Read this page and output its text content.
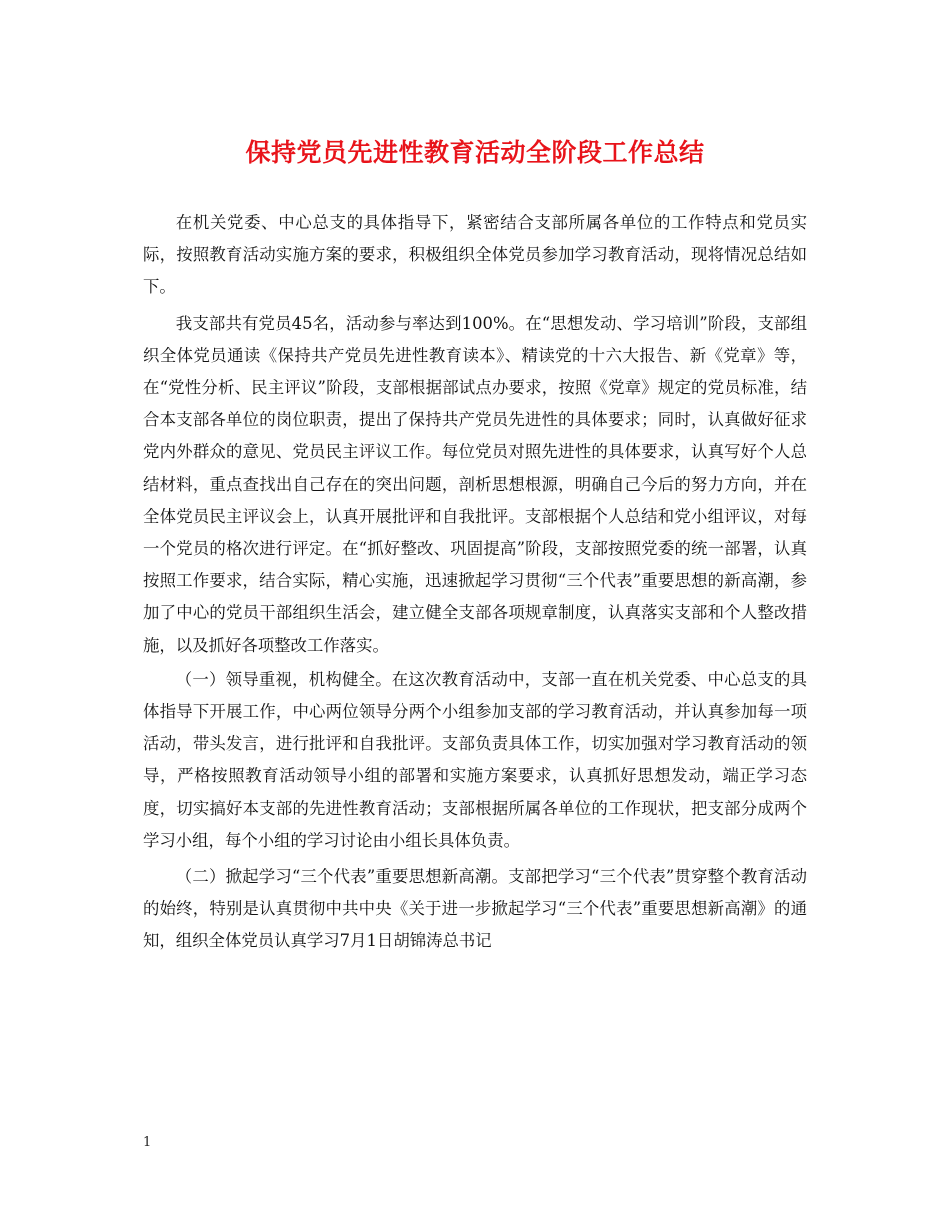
保持党员先进性教育活动全阶段工作总结

在机关党委、中心总支的具体指导下，紧密结合支部所属各单位的工作特点和党员实际，按照教育活动实施方案的要求，积极组织全体党员参加学习教育活动，现将情况总结如下。

我支部共有党员45名，活动参与率达到100%。在“思想发动、学习培训”阶段，支部组织全体党员通读《保持共产党员先进性教育读本》、精读党的十六大报告、新《党章》等，在“党性分析、民主评议”阶段，支部根据部试点办要求，按照《党章》规定的党员标准，结合本支部各单位的岗位职责，提出了保持共产党员先进性的具体要求；同时，认真做好征求党内外群众的意见、党员民主评议工作。每位党员对照先进性的具体要求，认真写好个人总结材料，重点查找出自己存在的突出问题，剖析思想根源，明确自己今后的努力方向，并在全体党员民主评议会上，认真开展批评和自我批评。支部根据个人总结和党小组评议，对每一个党员的格次进行评定。在“抓好整改、巩固提高”阶段，支部按照党委的统一部署，认真按照工作要求，结合实际，精心实施，迅速掀起学习贯彻“三个代表”重要思想的新高潮，参加了中心的党员干部组织生活会，建立健全支部各项规章制度，认真落实支部和个人整改措施，以及抓好各项整改工作落实。

（一）领导重视，机构健全。在这次教育活动中，支部一直在机关党委、中心总支的具体指导下开展工作，中心两位领导分两个小组参加支部的学习教育活动，并认真参加每一项活动，带头发言，进行批评和自我批评。支部负责具体工作，切实加强对学习教育活动的领导，严格按照教育活动领导小组的部署和实施方案要求，认真抓好思想发动，端正学习态度，切实搞好本支部的先进性教育活动；支部根据所属各单位的工作现状，把支部分成两个学习小组，每个小组的学习讨论由小组长具体负责。

（二）掀起学习“三个代表”重要思想新高潮。支部把学习“三个代表”贯穿整个教育活动的始终，特别是认真贯彻中共中央《关于进一步掀起学习“三个代表”重要思想新高潮》的通知，组织全体党员认真学习7月1日胡锦涛总书记

1
